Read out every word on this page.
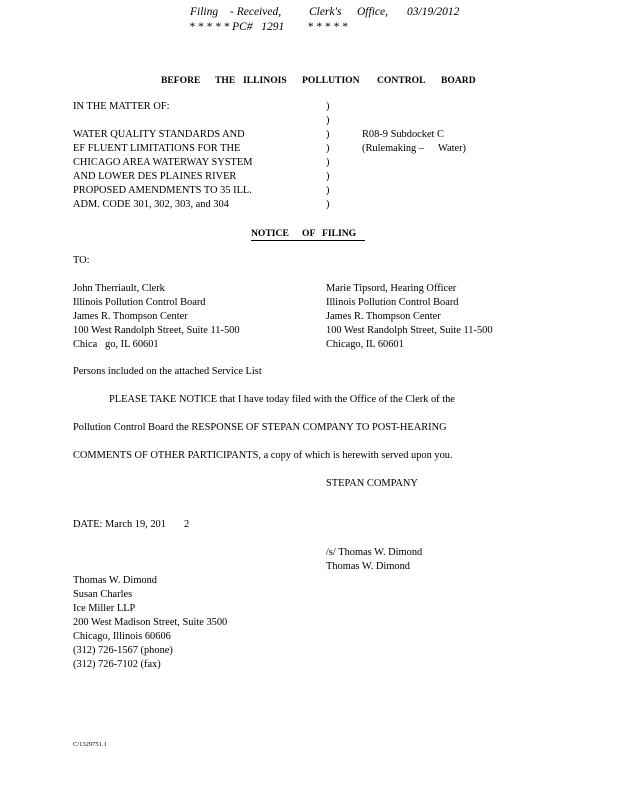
Filing - Received, Clerk's Office, 03/19/2012
* * * * * PC#   1291        * * * * *
BEFORE THE ILLINOIS POLLUTION CONTROL BOARD
IN THE MATTER OF:
WATER QUALITY STANDARDS AND
EF FLUENT LIMITATIONS FOR THE
CHICAGO AREA WATERWAY SYSTEM
AND LOWER DES PLAINES RIVER
PROPOSED AMENDMENTS TO 35 ILL.
ADM. CODE 301, 302, 303, and 304
)
)
)
)
)
)
)
)
R08-9 Subdocket C
(Rulemaking – Water)
NOTICE OF FILING
TO:
John Therriault, Clerk
Illinois Pollution Control Board
James R. Thompson Center
100 West Randolph Street, Suite 11-500
Chica   go, IL 60601
Marie Tipsord, Hearing Officer
Illinois Pollution Control Board
James R. Thompson Center
100 West Randolph Street, Suite 11-500
Chicago, IL 60601
Persons included on the attached Service List
PLEASE TAKE NOTICE that I have today filed with the Office of the Clerk of the
Pollution Control Board the RESPONSE OF STEPAN COMPANY TO POST-HEARING
COMMENTS OF OTHER PARTICIPANTS, a copy of which is herewith served upon you.
STEPAN COMPANY
DATE: March 19, 201 2
/s/ Thomas W. Dimond
Thomas W. Dimond
Thomas W. Dimond
Susan Charles
Ice Miller LLP
200 West Madison Street, Suite 3500
Chicago, Illinois 60606
(312) 726-1567 (phone)
(312) 726-7102 (fax)
C/1329751.1
